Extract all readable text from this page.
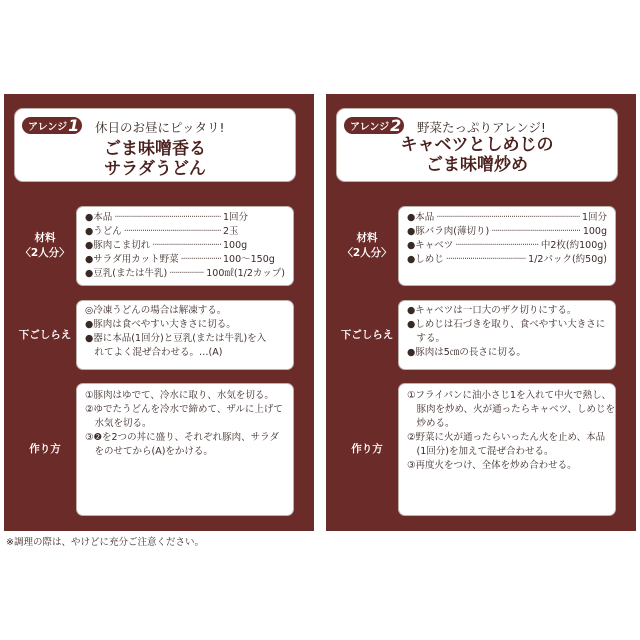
アレンジ 1 休日のお昼にピッタリ!
ごま味噌香る
サラダうどん
材料
〈2人分〉
●本品 ·····	1回分
●うどん ·····	2玉
●豚肉こま切れ ·····	100g
●サラダ用カット野菜 ·····	100～150g
●豆乳(または牛乳) ·····	100㎖(1/2カップ)
下ごしらえ
◎冷凍うどんの場合は解凍する。
●豚肉は食べやすい大きさに切る。
●器に本品(1回分)と豆乳(または牛乳)を入
　れてよく混ぜ合わせる。…(A)
作り方
①豚肉はゆでて、冷水に取り、水気を切る。
②ゆでたうどんを冷水で締めて、ザルに上げて
　水気を切る。
③❷を2つの丼に盛り、それぞれ豚肉、サラダ
　をのせてから(A)をかける。
アレンジ 2 野菜たっぷりアレンジ!
キャベツとしめじの
ごま味噌炒め
材料
〈2人分〉
●本品 ·····	1回分
●豚バラ肉(薄切り) ·····	100g
●キャベツ ·····	中2枚(約100g)
●しめじ ·····	1/2パック(約50g)
下ごしらえ
●キャベツは一口大のザク切りにする。
●しめじは石づきを取り、食べやすい大きさに
　する。
●豚肉は5㎝の長さに切る。
作り方
①フライパンに油小さじ1を入れて中火で熱し、
　豚肉を炒め、火が通ったらキャベツ、しめじを
　炒める。
②野菜に火が通ったらいったん火を止め、本品
　(1回分)を加えて混ぜ合わせる。
③再度火をつけ、全体を炒め合わせる。
※調理の際は、やけどに充分ご注意ください。
